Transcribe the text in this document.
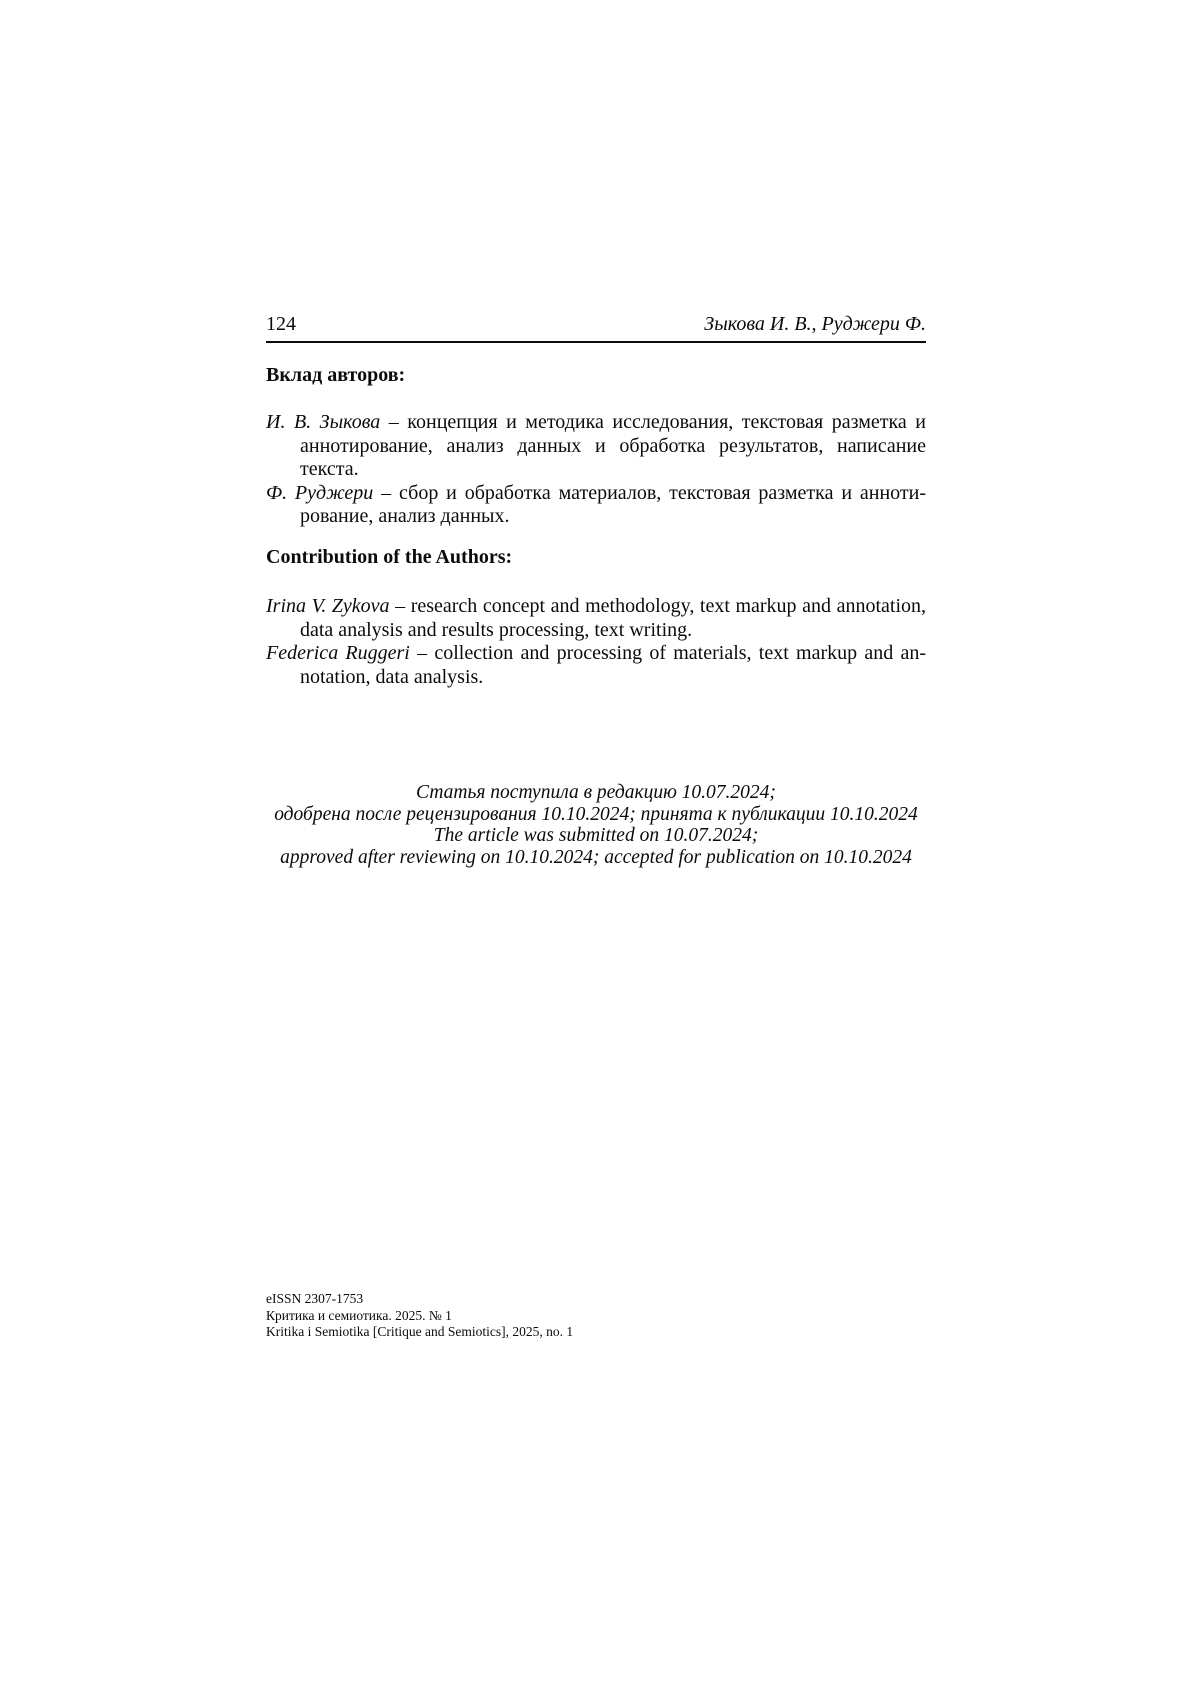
124	Зыкова И. В., Руджери Ф.
Вклад авторов:

И. В. Зыкова – концепция и методика исследования, текстовая разметка и аннотирование, анализ данных и обработка результатов, написание текста.

Ф. Руджери – сбор и обработка материалов, текстовая разметка и аннотирование, анализ данных.

Contribution of the Authors:

Irina V. Zykova – research concept and methodology, text markup and annotation, data analysis and results processing, text writing.

Federica Ruggeri – collection and processing of materials, text markup and annotation, data analysis.

Статья поступила в редакцию 10.07.2024;
одобрена после рецензирования 10.10.2024; принята к публикации 10.10.2024
The article was submitted on 10.07.2024;
approved after reviewing on 10.10.2024; accepted for publication on 10.10.2024
eISSN 2307-1753
Критика и семиотика. 2025. № 1
Kritika i Semiotika [Critique and Semiotics], 2025, no. 1
